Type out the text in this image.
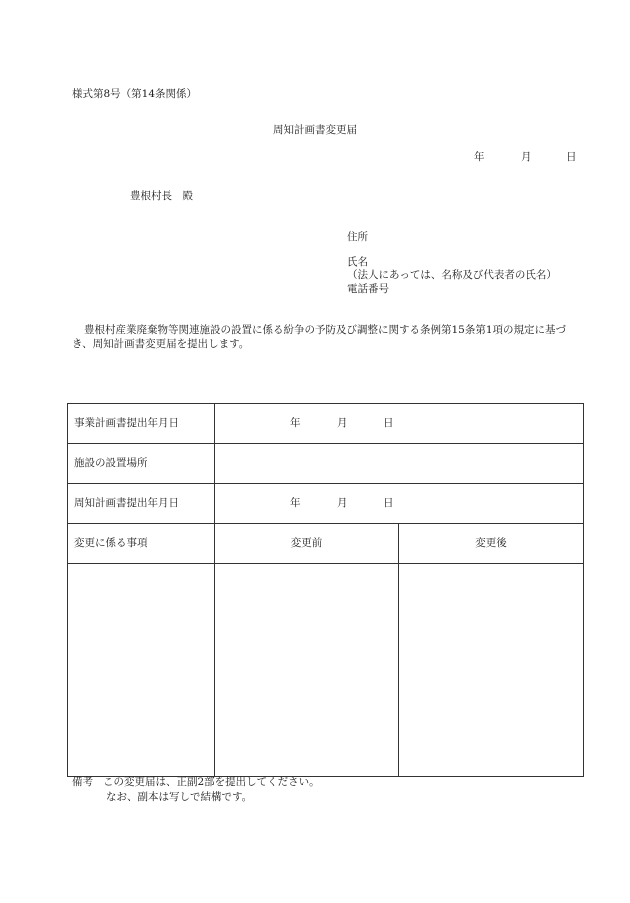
様式第8号（第14条関係）
周知計画書変更届
年	月	日
豊根村長　殿
住所
氏名
（法人にあっては、名称及び代表者の氏名）
電話番号
豊根村産業廃棄物等関連施設の設置に係る紛争の予防及び調整に関する条例第15条第1項の規定に基づき、周知計画書変更届を提出します。
事業計画書提出年月日	年 月 日	

施設の設置場所		
周知計画書提出年月日	年 月 日	

変更に係る事項	変更前	変更後

備考 この変更届は、正副2部を提出してください。
なお、副本は写しで結構です。
